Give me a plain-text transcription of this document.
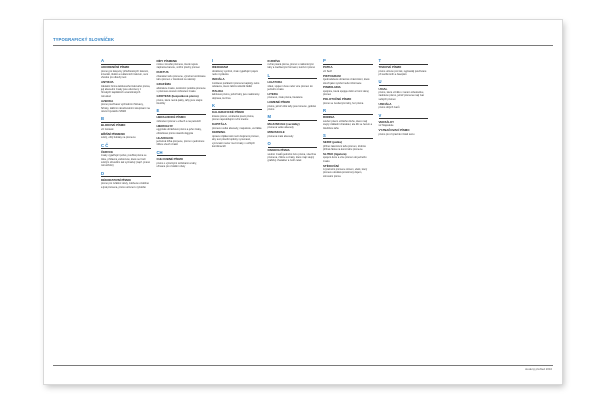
TYPOGRAFICKÝ SLOVNÍČEK
A
AKCIDENČNÍ PÍSMO
písmo pro tiskoviny příležitostných tiskovin, inzerátů, titulků a reklamních tiskovin, není vhodné pro dlouhý text
ANTIKVA
základní forma latinkového tiskového písma, její abecední znaky jsou odvozeny z římských kapitálních a karolínských minuskul
AZBUKA
písmo používané východními Slovany, Srbsky, dalšími národnostními skupinami na území bývalého SSSR
B
BLOKOVÉ PÍSMO
viz Grotesk
BŘIŠNÍ PÍSMENO
svislý, oblý bubáky na písmenu
C Č
ČERVCE
znaky vyjadřující počet, použitá písma ve tisku, přídavné vodorovné, které se hodí svislým obvodům tak vyznačují (např. jméno mimotřídní)
D
DÉKORATIVNÍ PÍSMO
písmo pro zvláštní účely, zdobené ozdobné a jiná písmena, písmo určené k výzdobě
DÍRY PÍSMENE
místa v kresbě písmene, která nejsou zaplněna barvou, vnitřní plochy písmen
DUKTUS
charakter tahu písmene, výrazné kombinace tahu písmen v závislosti na nástroji
GRAFÉMA
abstrakce znaku, konkrétní podoba písmene v písmové osnově zobrazení znaku
GROTESK (bezpatkové písmo)
písmo, které nemá patky, tahy jsou stejné tloušťky
E
HERALDICKÉ PÍSMO
zobrazení písma v erbech a na pečetích
HIEROGLYF
egyptské obrázkové písmo a jeho znaky, obrázkové písmo starého Egypta
HLADOLICE
jednotná šířka písmene, písmo s jednotnou šířkou všech znaků
CH
CHLOUBNÉ PÍSMO
písmo s výraznými ozdobami a tahy, užívané pro zvláštní účely
I
IDEOGRAM
obrázkový symbol, znak vyjadřující pojem nebo myšlenku
INICIÁLA
zvětšené počáteční písmeno kapitoly nebo odstavce, které zabírá několik řádků
ITALIKA
latinkové písmo, jehož tahy jsou nakloněny doprava, kurzíva
K
KALIGRAFICKÉ PÍSMO
krásné písmo, umělecké psaní písma, písmo napodobující ruční kresbu
KAPITÁLA
písmeno velké abecedy, majuskule, verzálka
KERNING
úprava vzdálenosti mezi dvojicemi písmen, aby text působil opticky vyrovnaně, vyrovnání mezer mezi znaky v určitých kombinacích
KURZÍVA
ručně psaná písma, písmo s nakloněnými tahy a zaoblenými formami, kurzívní písmo
L
LIGATURA
slitek, spojení dvou nebo více písmen do jednoho znaku
LITERA
písmeno, znak písma, literatura
LOMENÉ PÍSMO
písmo, jehož oblé tahy jsou lomené, gotické písmo
M
MAJUSKULE (verzálky)
písmena velké abecedy
MINUSKULE
písmena malé abecedy
O
OSNOVA PÍSMA
soubor znaků jednoho řezu písma, všechna písmena, číslice a znaky, které mají stejný grafický charakter a tvoří celek
P
PATKA
viz Serif
PIKTOGRAM
zjednodušené obrazové znázornění, které slouží jako symbol nebo informace
PISMOLIJNA
spojnice, která spojuje dolní a horní okraj písmen
POLOTUČNÉ PÍSMO
písmo se zesílenými tahy, řez písma
R
RODINA
soubor písem určitého druhu, které mají stejný základní charakter, ale liší se řezem a tloušťkou tahu
S
SERIF (patka)
příčné zakončení tahu písmen, drobná příčná čárka na konci tahu písmene
SLITEK (ligatura)
spojení dvou a více písmen do jednoho znaku
STÍNOVÁNÍ
zvýraznění písmene stínem, efekt, který písmenu dodává prostorový dojem, stínování písma
T
TISKOVÉ PÍSMO
písmo určené pro tisk, nejčastěji používané při sazbě knih a časopisů
U
UCIAL
písmo, které vzniklo v raném středověku, zaoblené písmo, jehož písmena mají tvar velkých písmen
UNCIÁLA
písmo oblých tvarů
V
VERZÁLKY
viz Majuskule
VYZNAČOVACÍ PÍSMO
písmo pro zvýraznění části textu
studený přehled 2010
